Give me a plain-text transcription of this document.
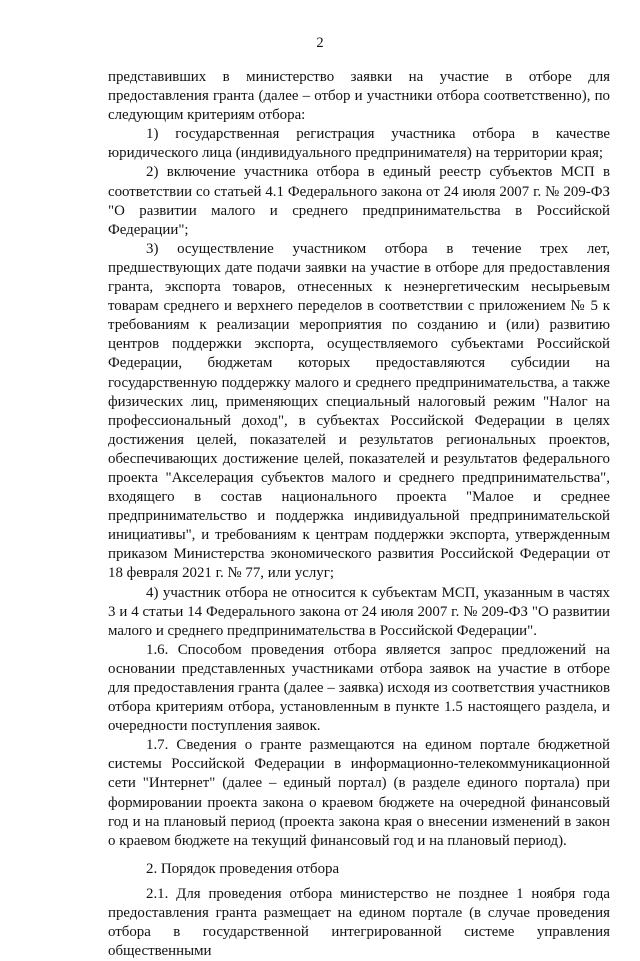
2

представивших в министерство заявки на участие в отборе для предоставления гранта (далее – отбор и участники отбора соответственно), по следующим критериям отбора:

1) государственная регистрация участника отбора в качестве юридического лица (индивидуального предпринимателя) на территории края;

2) включение участника отбора в единый реестр субъектов МСП в соответствии со статьей 4.1 Федерального закона от 24 июля 2007 г. № 209-ФЗ "О развитии малого и среднего предпринимательства в Российской Федерации";

3) осуществление участником отбора в течение трех лет, предшествующих дате подачи заявки на участие в отборе для предоставления гранта, экспорта товаров, отнесенных к неэнергетическим несырьевым товарам среднего и верхнего переделов в соответствии с приложением № 5 к требованиям к реализации мероприятия по созданию и (или) развитию центров поддержки экспорта, осуществляемого субъектами Российской Федерации, бюджетам которых предоставляются субсидии на государственную поддержку малого и среднего предпринимательства, а также физических лиц, применяющих специальный налоговый режим "Налог на профессиональный доход", в субъектах Российской Федерации в целях достижения целей, показателей и результатов региональных проектов, обеспечивающих достижение целей, показателей и результатов федерального проекта "Акселерация субъектов малого и среднего предпринимательства", входящего в состав национального проекта "Малое и среднее предпринимательство и поддержка индивидуальной предпринимательской инициативы", и требованиям к центрам поддержки экспорта, утвержденным приказом Министерства экономического развития Российской Федерации от 18 февраля 2021 г. № 77, или услуг;

4) участник отбора не относится к субъектам МСП, указанным в частях 3 и 4 статьи 14 Федерального закона от 24 июля 2007 г. № 209-ФЗ "О развитии малого и среднего предпринимательства в Российской Федерации".

1.6. Способом проведения отбора является запрос предложений на основании представленных участниками отбора заявок на участие в отборе для предоставления гранта (далее – заявка) исходя из соответствия участников отбора критериям отбора, установленным в пункте 1.5 настоящего раздела, и очередности поступления заявок.

1.7. Сведения о гранте размещаются на едином портале бюджетной системы Российской Федерации в информационно-телекоммуникационной сети "Интернет" (далее – единый портал) (в разделе единого портала) при формировании проекта закона о краевом бюджете на очередной финансовый год и на плановый период (проекта закона края о внесении изменений в закон о краевом бюджете на текущий финансовый год и на плановый период).

2. Порядок проведения отбора

2.1. Для проведения отбора министерство не позднее 1 ноября года предоставления гранта размещает на едином портале (в случае проведения отбора в государственной интегрированной системе управления общественными
